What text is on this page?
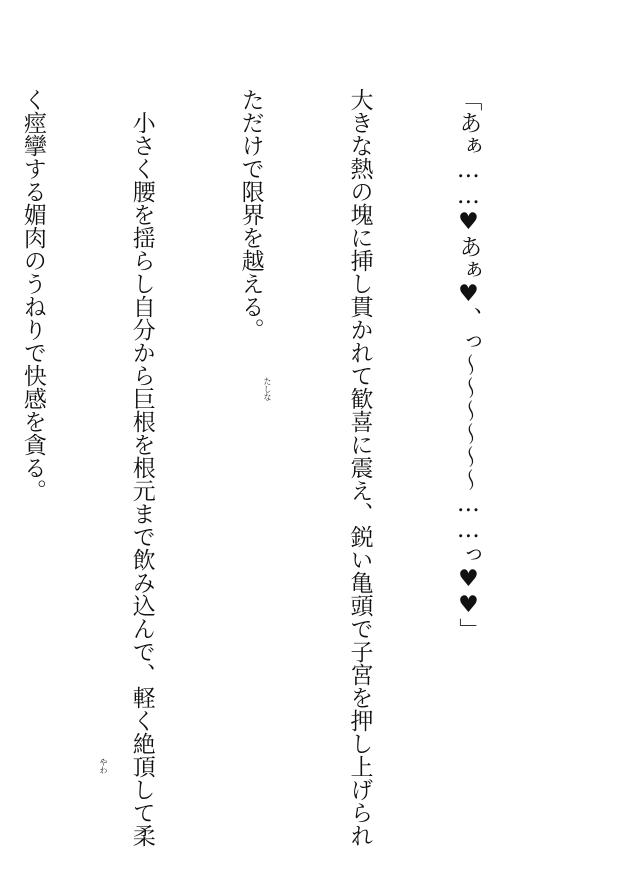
「あぁ……♥あぁ♥、っ〜〜〜〜〜〜……っ♥♥」

大きな熱の塊に挿し貫かれて歓喜に震え、鋭い亀頭で子宮を押し上げられ

ただけで限界を越える。

　小さく腰を揺らし自分から巨根を根元まで飲み込んで、軽く絶頂して柔

く痙攣する媚肉のうねりで快感を貪る。

やわ
たしな
